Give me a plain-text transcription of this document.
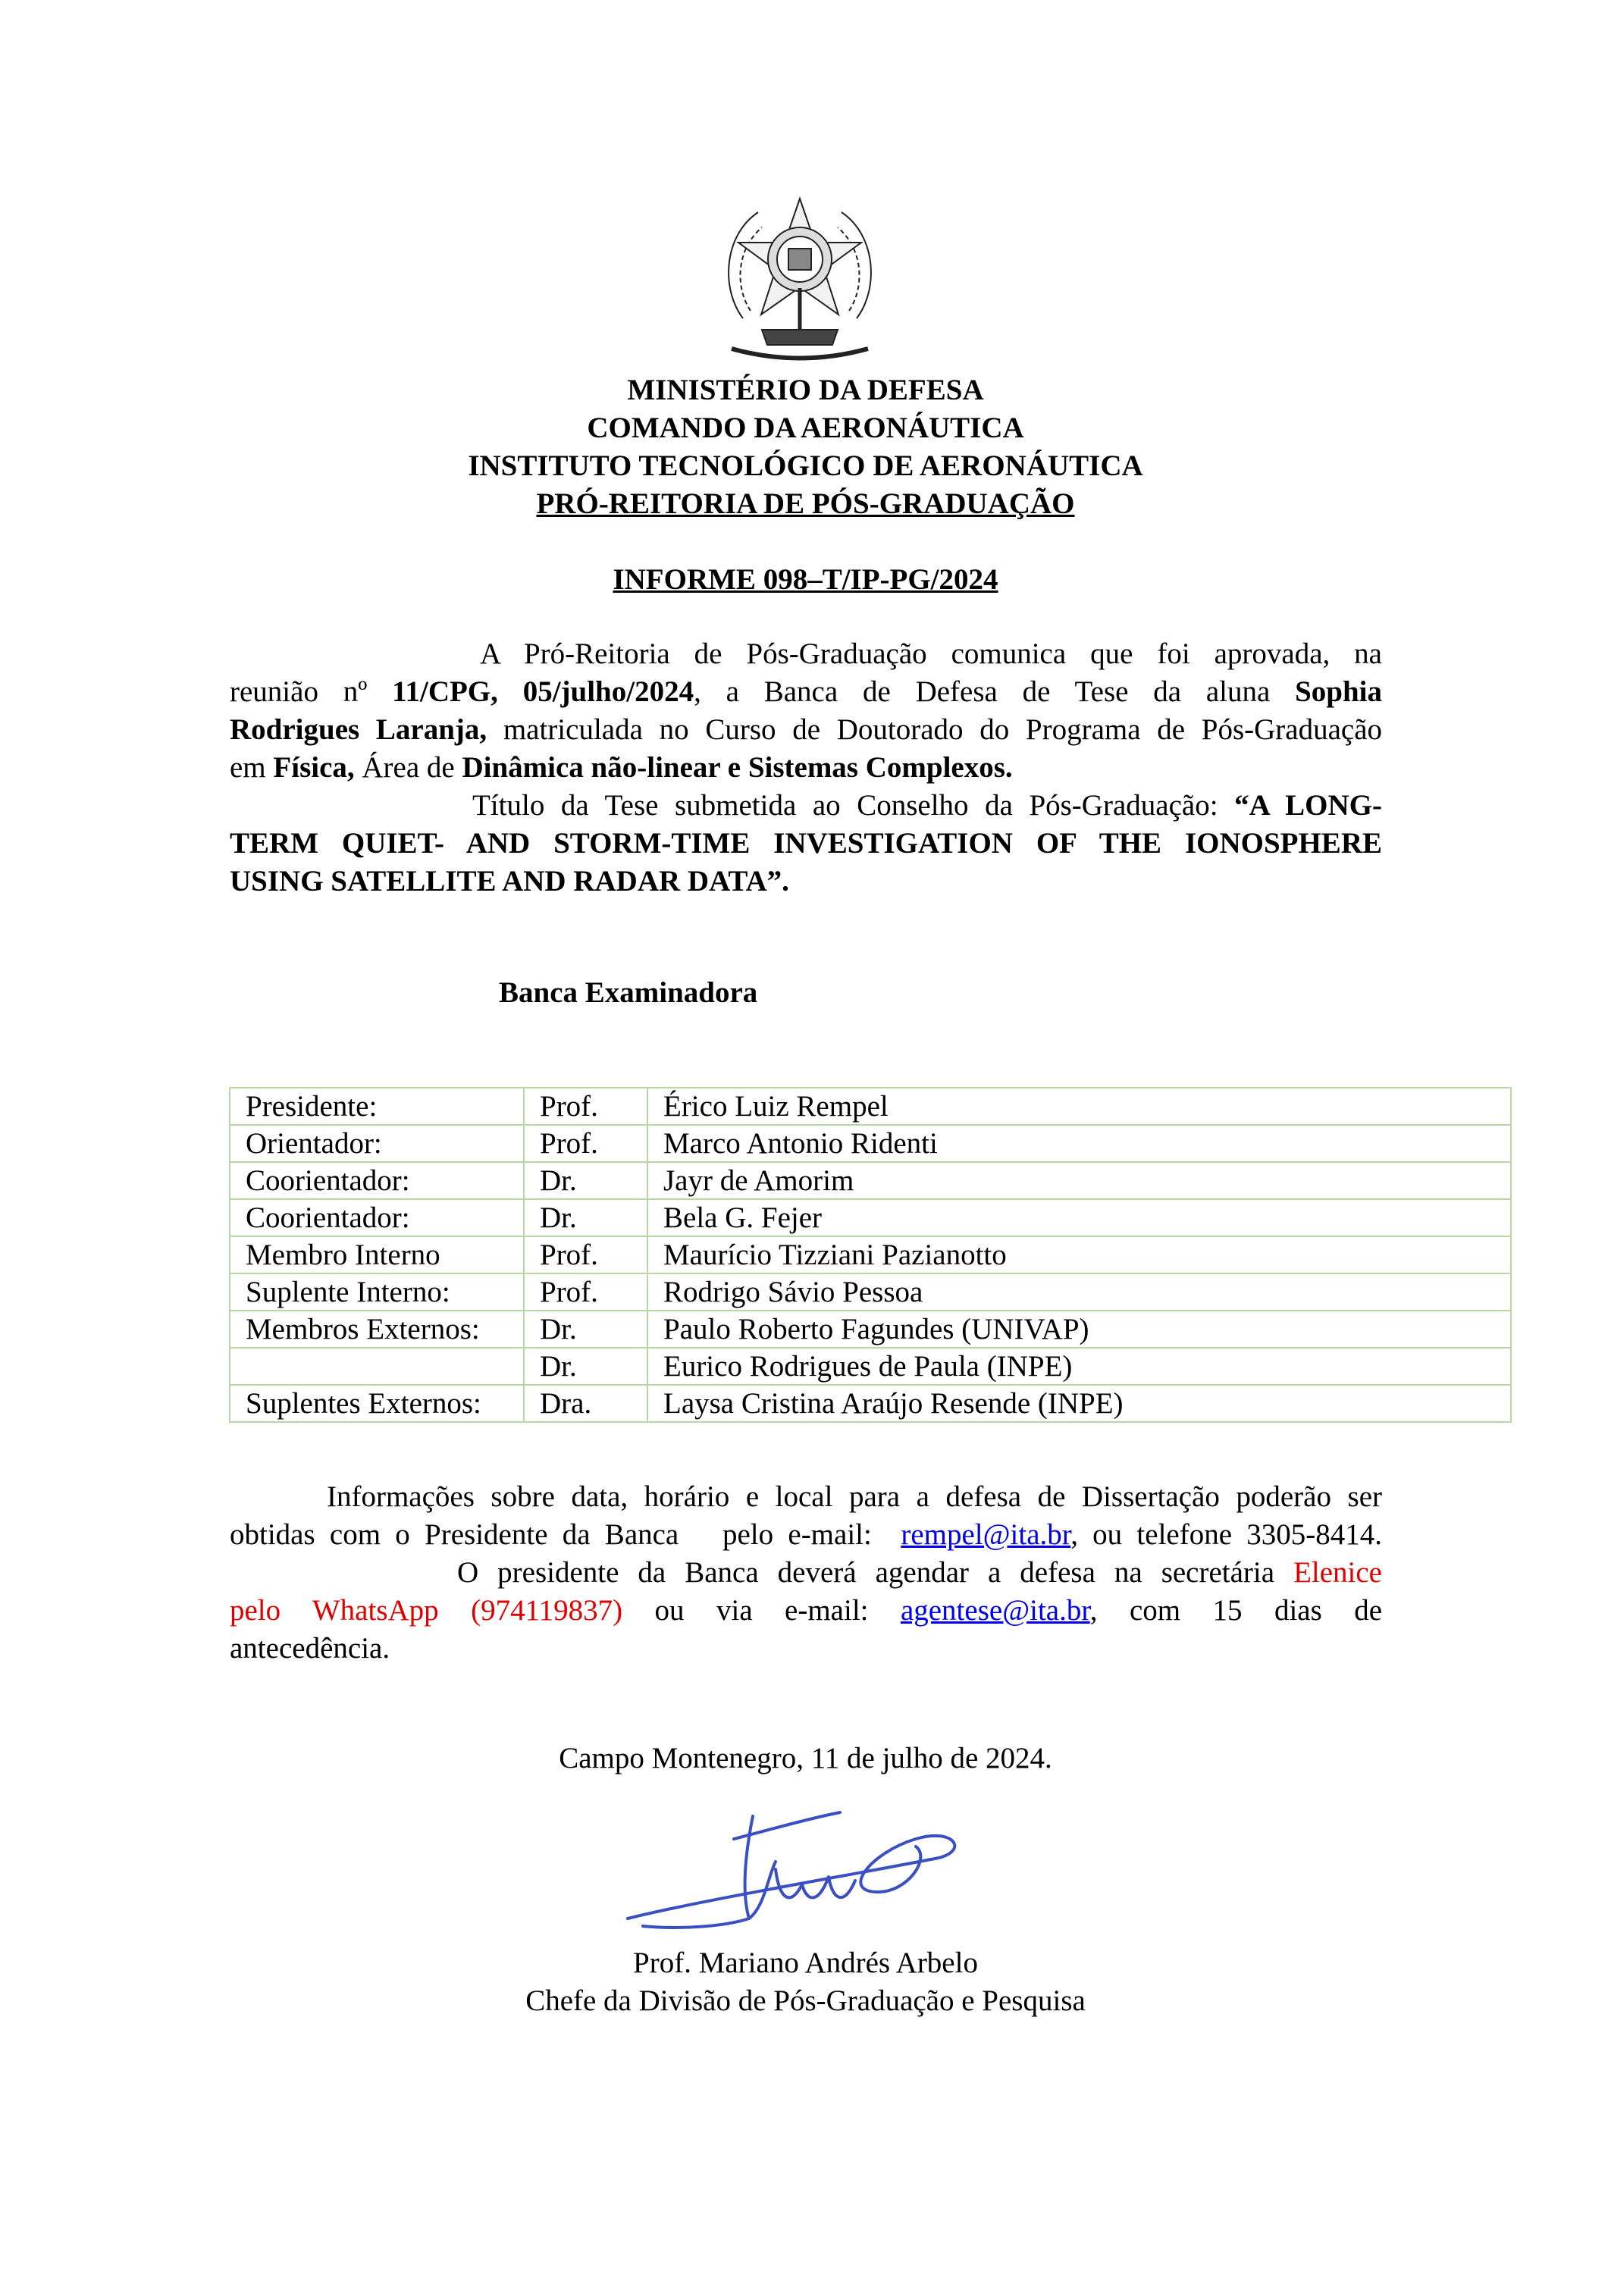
MINISTÉRIO DA DEFESA
COMANDO DA AERONÁUTICA
INSTITUTO TECNOLÓGICO DE AERONÁUTICA
PRÓ-REITORIA DE PÓS-GRADUAÇÃO
INFORME 098–T/IP-PG/2024
A Pró-Reitoria de Pós-Graduação comunica que foi aprovada, na
reunião nº 11/CPG, 05/julho/2024, a Banca de Defesa de Tese da aluna Sophia
Rodrigues Laranja, matriculada no Curso de Doutorado do Programa de Pós-Graduação
em Física, Área de Dinâmica não-linear e Sistemas Complexos.
Título da Tese submetida ao Conselho da Pós-Graduação: “A LONG-
TERM QUIET- AND STORM-TIME INVESTIGATION OF THE IONOSPHERE
USING SATELLITE AND RADAR DATA”.
Banca Examinadora
Presidente:	Prof.	Érico Luiz Rempel
Orientador:	Prof.	Marco Antonio Ridenti
Coorientador:	Dr.	Jayr de Amorim
Coorientador:	Dr.	Bela G. Fejer
Membro Interno	Prof.	Maurício Tizziani Pazianotto
Suplente Interno:	Prof.	Rodrigo Sávio Pessoa
Membros Externos:	Dr.	Paulo Roberto Fagundes (UNIVAP)
	Dr.	Eurico Rodrigues de Paula (INPE)
Suplentes Externos:	Dra.	Laysa Cristina Araújo Resende (INPE)
Informações sobre data, horário e local para a defesa de Dissertação poderão ser
obtidas com o Presidente da Banca   pelo e-mail:  rempel@ita.br, ou telefone 3305-8414.
O presidente da Banca deverá agendar a defesa na secretária Elenice
pelo WhatsApp (974119837) ou via e-mail: agentese@ita.br, com 15 dias de
antecedência.
Campo Montenegro, 11 de julho de 2024.
Prof. Mariano Andrés Arbelo
Chefe da Divisão de Pós-Graduação e Pesquisa
